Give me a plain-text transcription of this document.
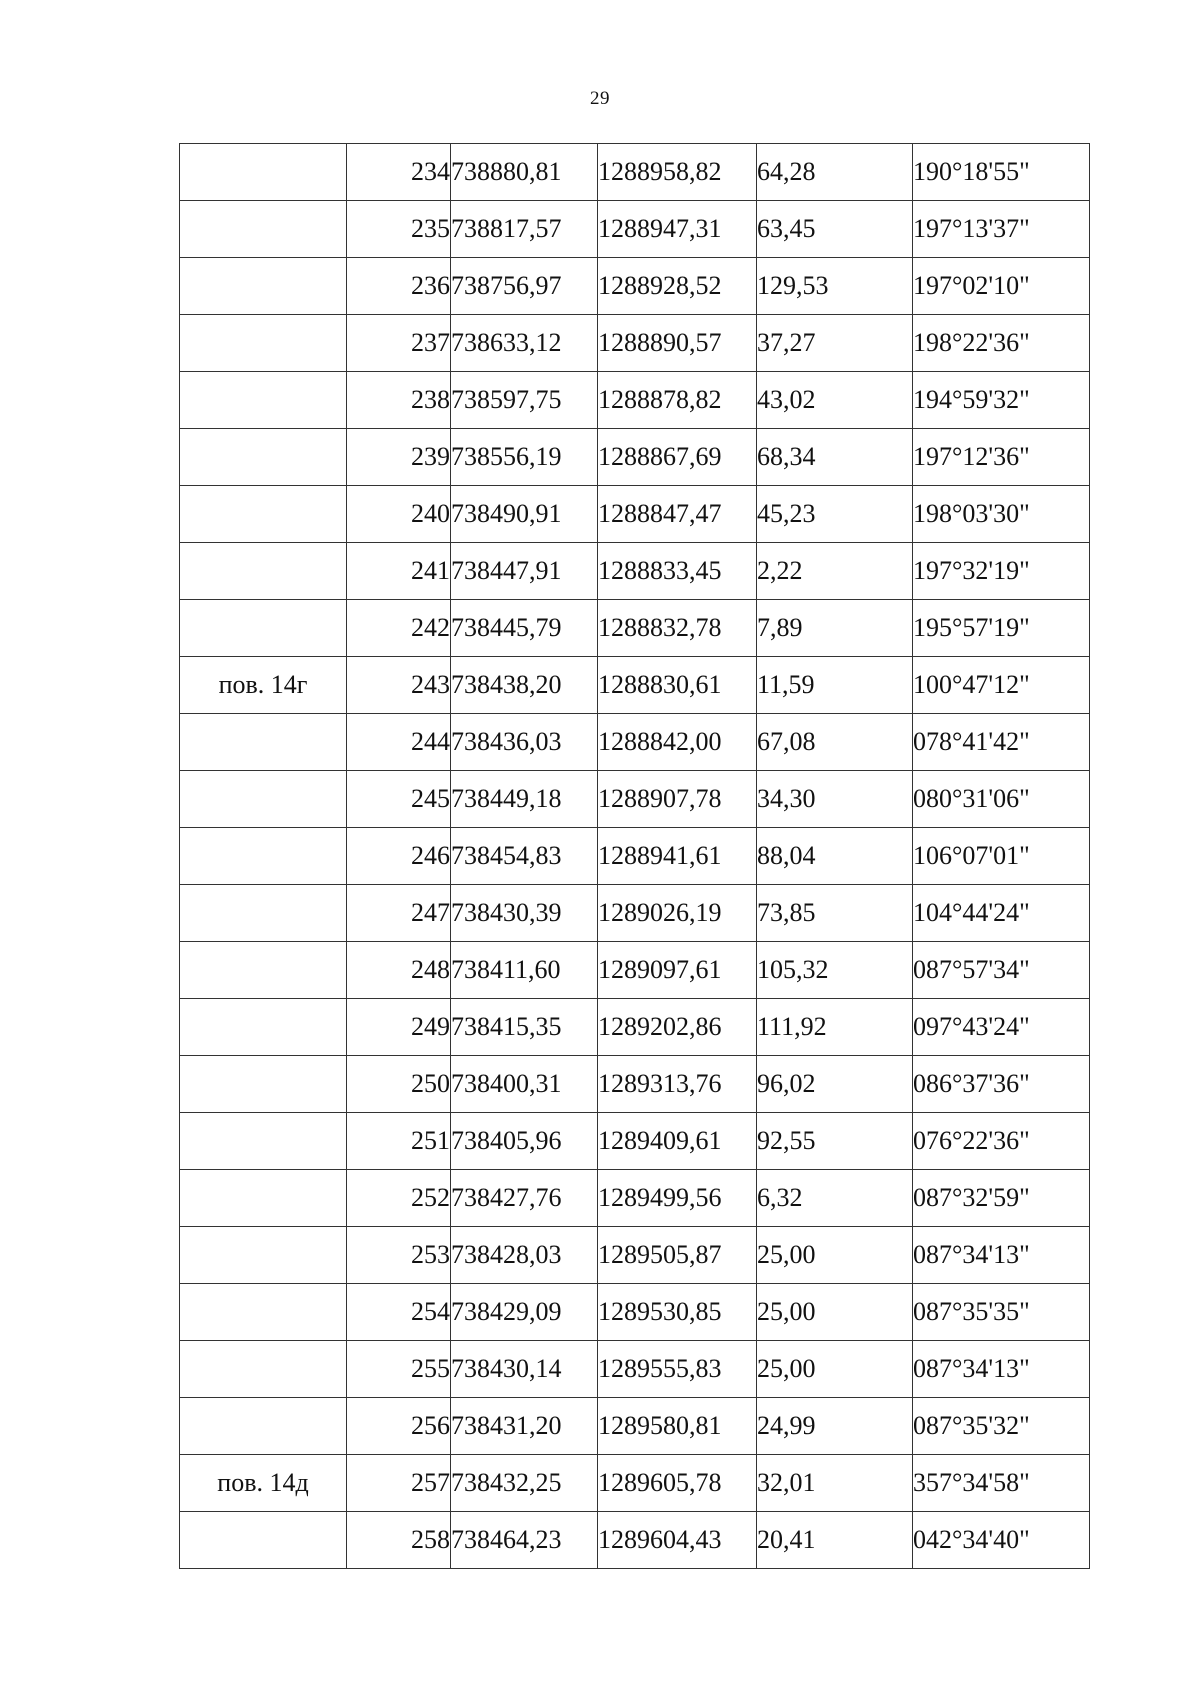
29
	234	738880,81	1288958,82	64,28	190°18'55"
	235	738817,57	1288947,31	63,45	197°13'37"
	236	738756,97	1288928,52	129,53	197°02'10"
	237	738633,12	1288890,57	37,27	198°22'36"
	238	738597,75	1288878,82	43,02	194°59'32"
	239	738556,19	1288867,69	68,34	197°12'36"
	240	738490,91	1288847,47	45,23	198°03'30"
	241	738447,91	1288833,45	2,22	197°32'19"
	242	738445,79	1288832,78	7,89	195°57'19"
пов. 14г	243	738438,20	1288830,61	11,59	100°47'12"
	244	738436,03	1288842,00	67,08	078°41'42"
	245	738449,18	1288907,78	34,30	080°31'06"
	246	738454,83	1288941,61	88,04	106°07'01"
	247	738430,39	1289026,19	73,85	104°44'24"
	248	738411,60	1289097,61	105,32	087°57'34"
	249	738415,35	1289202,86	111,92	097°43'24"
	250	738400,31	1289313,76	96,02	086°37'36"
	251	738405,96	1289409,61	92,55	076°22'36"
	252	738427,76	1289499,56	6,32	087°32'59"
	253	738428,03	1289505,87	25,00	087°34'13"
	254	738429,09	1289530,85	25,00	087°35'35"
	255	738430,14	1289555,83	25,00	087°34'13"
	256	738431,20	1289580,81	24,99	087°35'32"
пов. 14д	257	738432,25	1289605,78	32,01	357°34'58"
	258	738464,23	1289604,43	20,41	042°34'40"
